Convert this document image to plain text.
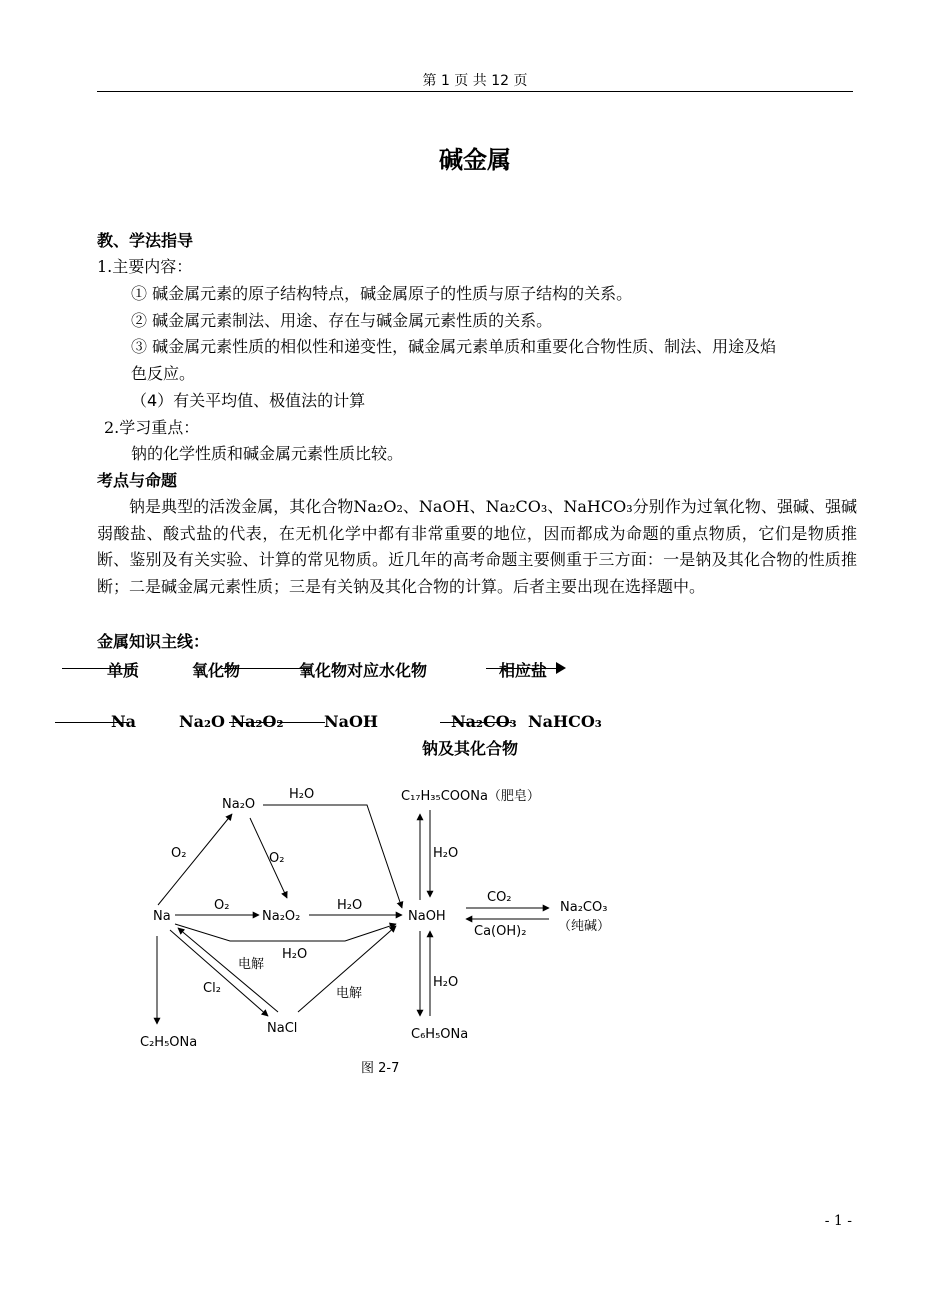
第 1 页 共 12 页
碱金属
教、学法指导
1.主要内容：
① 碱金属元素的原子结构特点，碱金属原子的性质与原子结构的关系。
② 碱金属元素制法、用途、存在与碱金属元素性质的关系。
③ 碱金属元素性质的相似性和递变性，碱金属元素单质和重要化合物性质、制法、用途及焰
色反应。
（4）有关平均值、极值法的计算
2.学习重点：
钠的化学性质和碱金属元素性质比较。
考点与命题
钠是典型的活泼金属，其化合物Na₂O₂、NaOH、Na₂CO₃、NaHCO₃分别作为过氧化物、强碱、强碱弱酸盐、酸式盐的代表，在无机化学中都有非常重要的地位，因而都成为命题的重点物质，它们是物质推断、鉴别及有关实验、计算的常见物质。近几年的高考命题主要侧重于三方面：一是钠及其化合物的性质推断；二是碱金属元素性质；三是有关钠及其化合物的计算。后者主要出现在选择题中。
金属知识主线：
单质	氧化物	氧化物对应水化物	相应盐
Na	Na₂O Na₂O₂	NaOH	Na₂CO₃ NaHCO₃
钠及其化合物
Na₂O
Na	Na₂O₂	NaOH
NaCl
C₂H₅ONa
C₁₇H₃₅COONa（肥皂）
Na₂CO₃
（纯碱）
C₆H₅ONa
O₂	O₂
O₂
H₂O
H₂O
H₂O
H₂O
H₂O
CO₂
Ca(OH)₂
电解
电解
Cl₂
图 2-7
- 1 -
